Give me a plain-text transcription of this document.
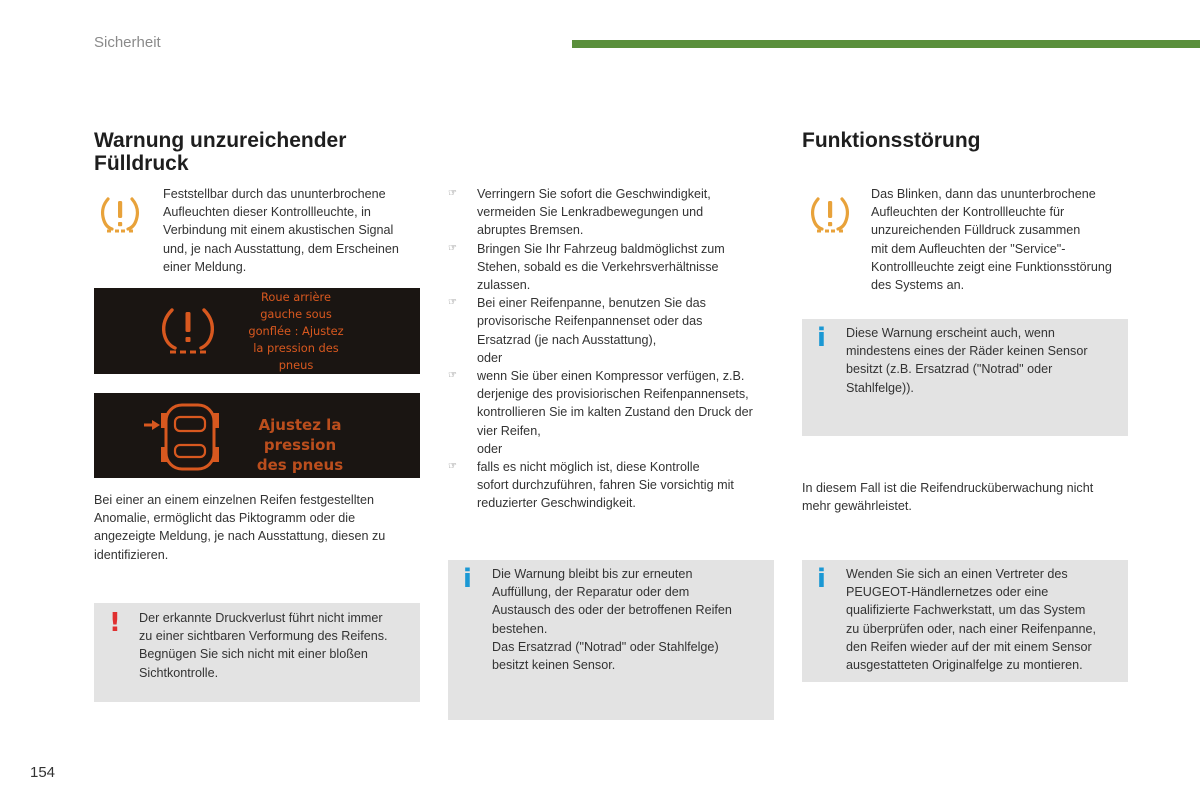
Sicherheit
Warnung unzureichender
Fülldruck
Feststellbar durch das ununterbrochene
Aufleuchten dieser Kontrollleuchte, in
Verbindung mit einem akustischen Signal
und, je nach Ausstattung, dem Erscheinen
einer Meldung.
Roue arrière
gauche sous
gonflée : Ajustez
la pression des
pneus
Ajustez la pression
des pneus
Bei einer an einem einzelnen Reifen festgestellten
Anomalie, ermöglicht das Piktogramm oder die
angezeigte Meldung, je nach Ausstattung, diesen zu
identifizieren.
! Der erkannte Druckverlust führt nicht immer
zu einer sichtbaren Verformung des Reifens.
Begnügen Sie sich nicht mit einer bloßen
Sichtkontrolle.
☞ Verringern Sie sofort die Geschwindigkeit,
vermeiden Sie Lenkradbewegungen und
abruptes Bremsen.
☞ Bringen Sie Ihr Fahrzeug baldmöglichst zum
Stehen, sobald es die Verkehrsverhältnisse
zulassen.
☞ Bei einer Reifenpanne, benutzen Sie das
provisorische Reifenpannenset oder das
Ersatzrad (je nach Ausstattung),
oder
☞ wenn Sie über einen Kompressor verfügen, z.B.
derjenige des provisiorischen Reifenpannensets,
kontrollieren Sie im kalten Zustand den Druck der
vier Reifen,
oder
☞ falls es nicht möglich ist, diese Kontrolle
sofort durchzuführen, fahren Sie vorsichtig mit
reduzierter Geschwindigkeit.
i Die Warnung bleibt bis zur erneuten
Auffüllung, der Reparatur oder dem
Austausch des oder der betroffenen Reifen
bestehen.
Das Ersatzrad ("Notrad" oder Stahlfelge)
besitzt keinen Sensor.
Funktionsstörung
Das Blinken, dann das ununterbrochene
Aufleuchten der Kontrollleuchte für
unzureichenden Fülldruck zusammen
mit dem Aufleuchten der "Service"-
Kontrollleuchte zeigt eine Funktionsstörung
des Systems an.
i Diese Warnung erscheint auch, wenn
mindestens eines der Räder keinen Sensor
besitzt (z.B. Ersatzrad ("Notrad" oder
Stahlfelge)).
In diesem Fall ist die Reifendrucküberwachung nicht
mehr gewährleistet.
i Wenden Sie sich an einen Vertreter des
PEUGEOT-Händlernetzes oder eine
qualifizierte Fachwerkstatt, um das System
zu überprüfen oder, nach einer Reifenpanne,
den Reifen wieder auf der mit einem Sensor
ausgestatteten Originalfelge zu montieren.
154
